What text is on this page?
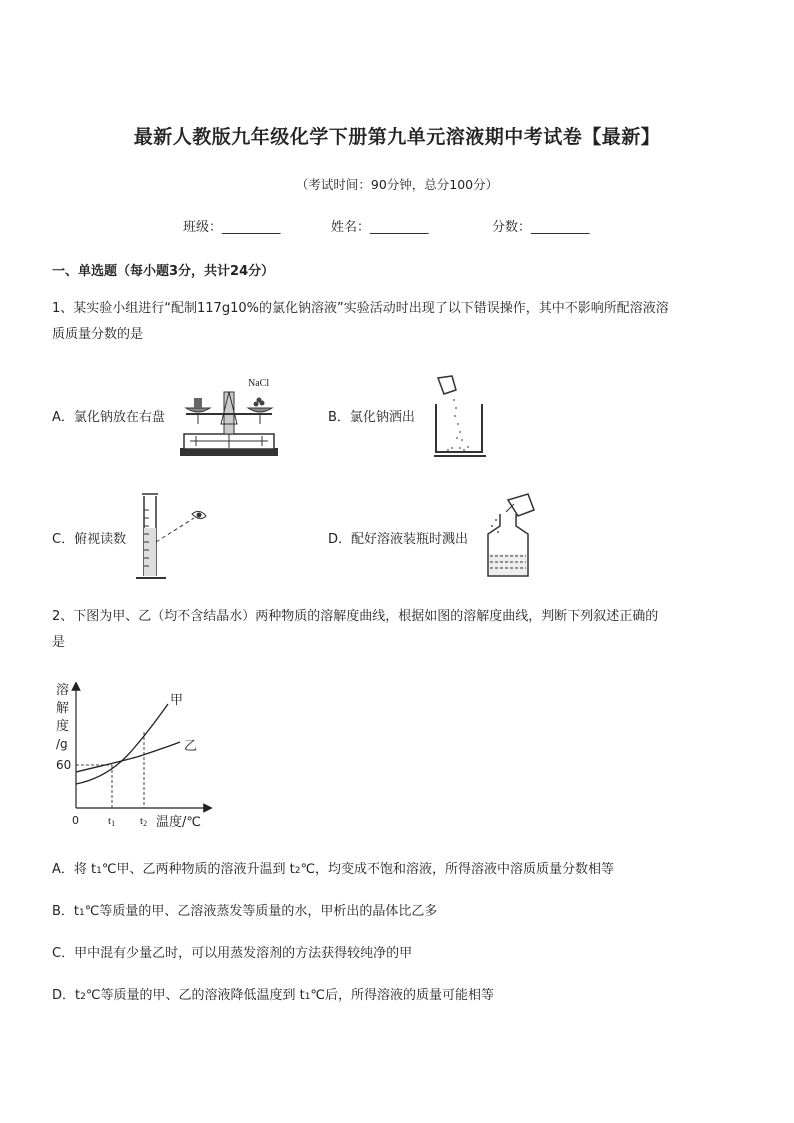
最新人教版九年级化学下册第九单元溶液期中考试卷【最新】
（考试时间：90分钟，总分100分）
班级：_________	姓名：_________	分数：_________
一、单选题（每小题3分，共计24分）
1、某实验小组进行“配制117g10%的氯化钠溶液”实验活动时出现了以下错误操作，其中不影响所配溶液溶
质质量分数的是
A．氯化钠放在右盘	B．氯化钠洒出
C．俯视读数	D．配好溶液装瓶时溅出
NaCl
2、下图为甲、乙（均不含结晶水）两种物质的溶解度曲线，根据如图的溶解度曲线，判断下列叙述正确的
是
溶
解
度
/g
60
0	t1 t2 温度/℃
甲
乙
A．将 t1℃甲、乙两种物质的溶液升温到 t2℃，均变成不饱和溶液，所得溶液中溶质质量分数相等
B．t1℃等质量的甲、乙溶液蒸发等质量的水，甲析出的晶体比乙多
C．甲中混有少量乙时，可以用蒸发溶剂的方法获得较纯净的甲
D．t2℃等质量的甲、乙的溶液降低温度到 t1℃后，所得溶液的质量可能相等
